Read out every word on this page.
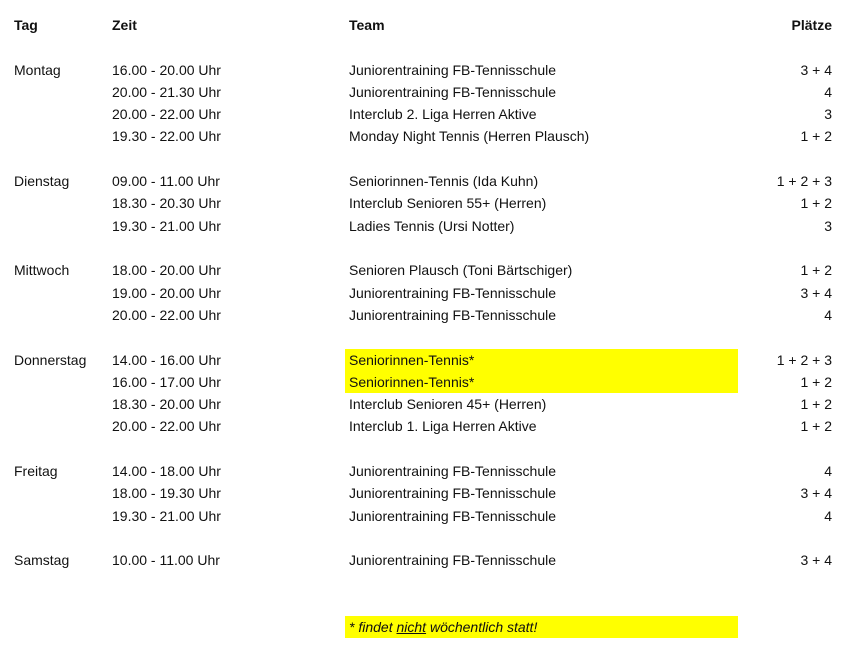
Tag	Zeit	Team	Plätze
Montag	16.00 - 20.00 Uhr	Juniorentraining FB-Tennisschule	3 + 4
20.00 - 21.30 Uhr	Juniorentraining FB-Tennisschule	4
20.00 - 22.00 Uhr	Interclub 2. Liga Herren Aktive	3
19.30 - 22.00 Uhr	Monday Night Tennis (Herren Plausch)	1 + 2
Dienstag	09.00 - 11.00 Uhr	Seniorinnen-Tennis (Ida Kuhn)	1 + 2 + 3
18.30 - 20.30 Uhr	Interclub Senioren 55+ (Herren)	1 + 2
19.30 - 21.00 Uhr	Ladies Tennis (Ursi Notter)	3
Mittwoch	18.00 - 20.00 Uhr	Senioren Plausch (Toni Bärtschiger)	1 + 2
19.00 - 20.00 Uhr	Juniorentraining FB-Tennisschule	3 + 4
20.00 - 22.00 Uhr	Juniorentraining FB-Tennisschule	4
Donnerstag 14.00 - 16.00 Uhr	Seniorinnen-Tennis*	1 + 2 + 3
16.00 - 17.00 Uhr	Seniorinnen-Tennis*	1 + 2
18.30 - 20.00 Uhr	Interclub Senioren 45+ (Herren)	1 + 2
20.00 - 22.00 Uhr	Interclub 1. Liga Herren Aktive	1 + 2
Freitag	14.00 - 18.00 Uhr	Juniorentraining FB-Tennisschule	4
18.00 - 19.30 Uhr	Juniorentraining FB-Tennisschule	3 + 4
19.30 - 21.00 Uhr	Juniorentraining FB-Tennisschule	4
Samstag	10.00 - 11.00 Uhr	Juniorentraining FB-Tennisschule	3 + 4
* findet nicht wöchentlich statt!
